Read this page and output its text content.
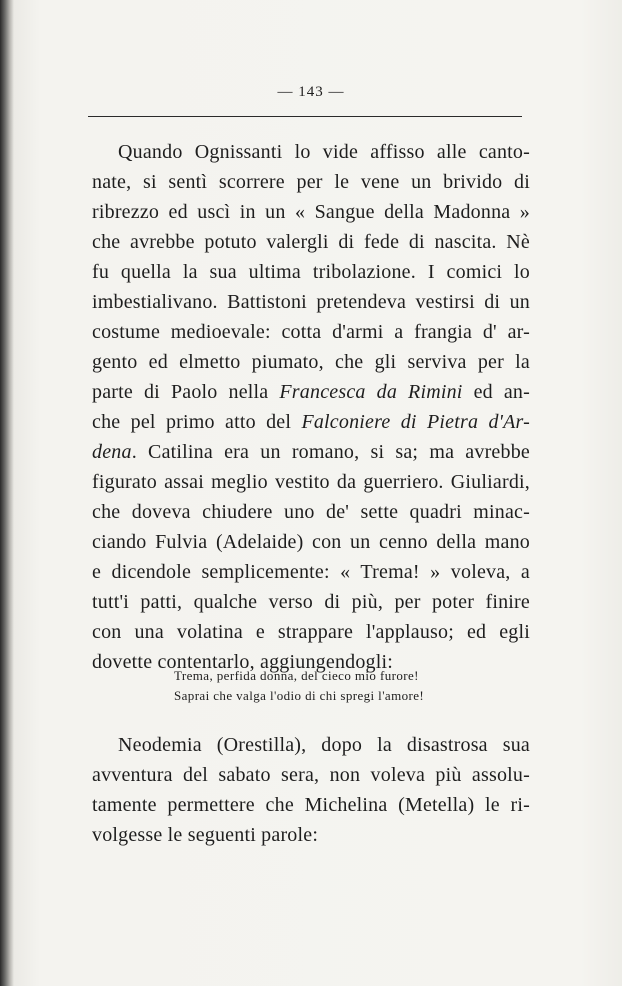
— 143 —
Quando Ognissanti lo vide affisso alle canto-
nate, si sentì scorrere per le vene un brivido di
ribrezzo ed uscì in un « Sangue della Madonna »
che avrebbe potuto valergli di fede di nascita. Nè
fu quella la sua ultima tribolazione. I comici lo
imbestialivano. Battistoni pretendeva vestirsi di un
costume medioevale: cotta d'armi a frangia d' ar-
gento ed elmetto piumato, che gli serviva per la
parte di Paolo nella Francesca da Rimini ed an-
che pel primo atto del Falconiere di Pietra d'Ar-
dena. Catilina era un romano, si sa; ma avrebbe
figurato assai meglio vestito da guerriero. Giuliardi,
che doveva chiudere uno de' sette quadri minac-
ciando Fulvia (Adelaide) con un cenno della mano
e dicendole semplicemente: « Trema! » voleva, a
tutt'i patti, qualche verso di più, per poter finire
con una volatina e strappare l'applauso; ed egli
dovette contentarlo, aggiungendogli:
Trema, perfida donna, del cieco mio furore!
Saprai che valga l'odio di chi spregi l'amore!
Neodemia (Orestilla), dopo la disastrosa sua
avventura del sabato sera, non voleva più assolu-
tamente permettere che Michelina (Metella) le ri-
volgesse le seguenti parole:
